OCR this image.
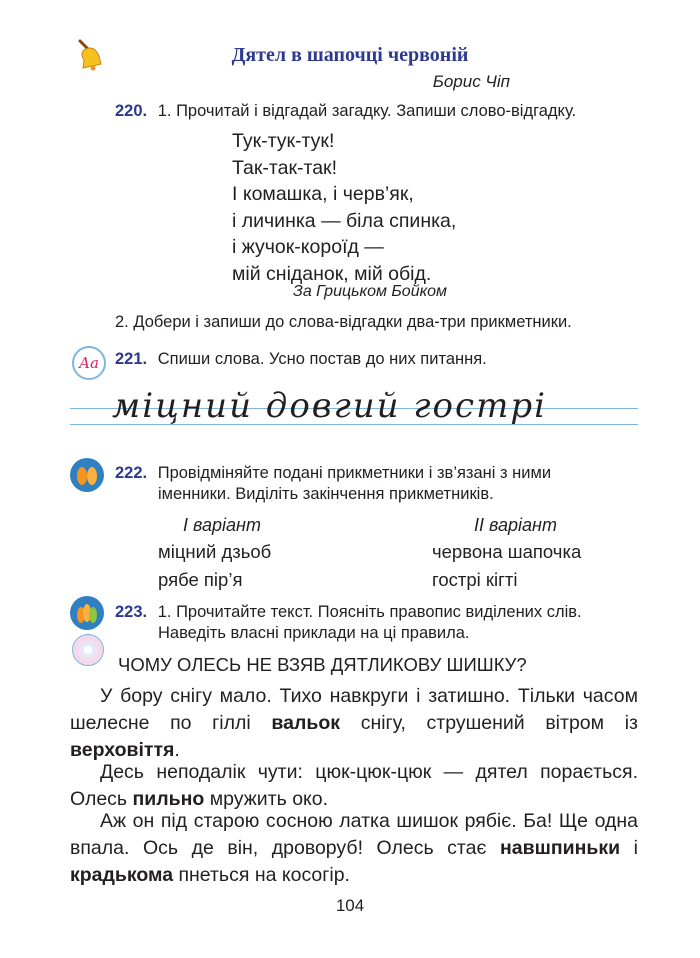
Дятел в шапочці червоній
Борис Чіп
220. 1. Прочитай і відгадай загадку. Запиши слово-відгадку.
Тук-тук-тук!
Так-так-так!
І комашка, і черв’як,
і личинка — біла спинка,
і жучок-короїд —
мій сніданок, мій обід.
За Грицьком Бойком
2. Добери і запиши до слова-відгадки два-три прикметники.
Aa 221. Спиши слова. Усно постав до них питання.
міцний довгий гострі
222. Провідміняйте подані прикметники і зв’язані з ними
іменники. Виділіть закінчення прикметників.
I варіант
міцний дзьоб
рябе пір’я
II варіант
червона шапочка
гострі кігті
223. 1. Прочитайте текст. Поясніть правопис виділених слів.
Наведіть власні приклади на ці правила.
ЧОМУ ОЛЕСЬ НЕ ВЗЯВ ДЯТЛИКОВУ ШИШКУ?
У бору снігу мало. Тихо навкруги і затишно. Тільки часом шелесне по гіллі вальок снігу, струшений вітром із верховіття.
Десь неподалік чути: цюк-цюк-цюк — дятел порається. Олесь пильно мружить око.
Аж он під старою сосною латка шишок рябіє. Ба! Ще одна впала. Ось де він, дроворуб! Олесь стає навшпиньки і крадькома пнеться на косогір.
104
